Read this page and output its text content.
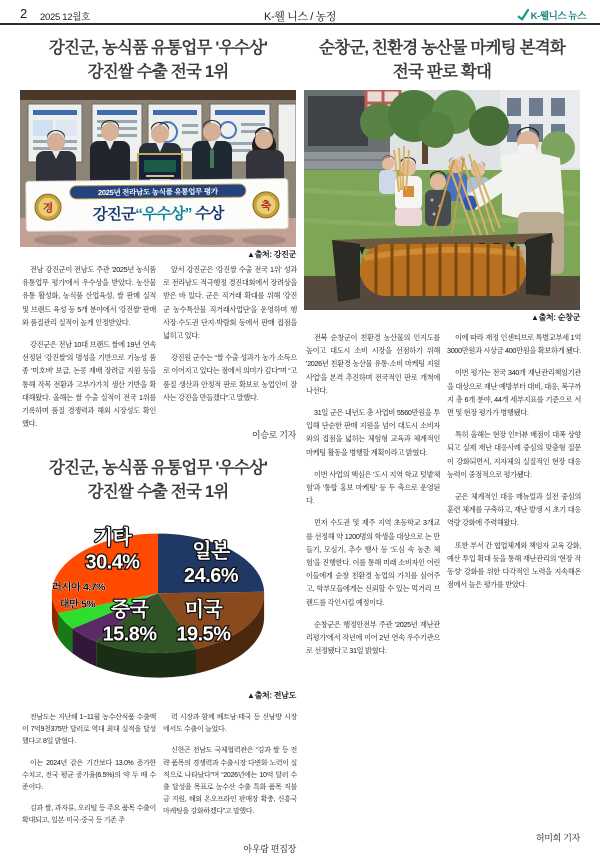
2 2025 12월호	K-웰 니스 / 농정	K-웰니스 뉴스
강진군, 농식품 유통업무 '우수상'
강진쌀 수출 전국 1위
2025년 전라남도 농식품 유통업무 평가
강진군“우수상” 수상
경	축
▲출처: 강진군

전남 강진군이 전남도 주관 '2025년 농식품 유통업무 평가'에서 우수상을 받았다. 농산물 유통 활성화, 농식품 산업육성, 쌀 판매 실적 및 브랜드 육성 등 5개 분야에서 '강진쌀' 판매와 품질관리 실적이 높게 인정받았다.

강진군은 전남 10대 브랜드 쌀에 19년 연속 선정된 '강진쌀'의 명성을 기반으로 기능성 품종 '미호벼' 보급, 논콩 재배 장려금 지원 등을 통해 작목 전환과 고부가가치 생산 기반을 확대해왔다. 올해는 쌀 수출 실적이 전국 1위를 기록하며 품질 경쟁력과 해외 시장성도 확인했다.

앞서 강진군은 '강진쌀 수출 전국 1위' 성과로 전라남도 적극행정 경진대회에서 장려상을 받은 바 있다. 군은 직거래 확대를 위해 '강진군 농수특산물 직거래사업단'을 운영하며 행사장·수도권 단지·박람회 등에서 판매 접점을 넓히고 있다.

강진원 군수는 “쌀 수출 성과가 농가 소득으로 이어지고 있다는 점에서 의미가 깊다”며 “고품질 생산과 안정적 판로 확보로 농업인이 잘사는 강진을 만들겠다”고 말했다.

이승로 기자
강진군, 농식품 유통업무 '우수상'
강진쌀 수출 전국 1위
일본
24.6%
미국
19.5%
중국
15.8%
대만 5%
러시아 4.7%
기타
30.4%
▲출처: 전남도

전남도는 지난해 1~11월 농수산식품 수출액이 7억9천375만 달러로 역대 최대 실적을 달성했다고 8일 밝혔다.

이는 2024년 같은 기간보다 13.0% 증가한 수치고, 전국 평균 증가율(6.5%)의 약 두 배 수준이다.

김과 쌀, 과자류, 오리털 등 주요 품목 수출이 확대되고, 일본·미국·중국 등 기존 주

력 시장과 함께 베트남·태국 등 신남방 시장에서도 수출이 늘었다.

신현곤 전남도 국제협력관은 “김과 쌀 등 전략 품목의 경쟁력과 수출시장 다변화 노력이 실적으로 나타났다”며 “2026년에는 10억 달러 수출 달성을 목표로 농수산 수출 특화 품목 직불금 지원, 해외 온오프라인 판매장 확충, 신흥국 마케팅을 강화하겠다”고 말했다.

아우람 편집장
순창군, 친환경 농산물 마케팅 본격화
전국 판로 확대
▲출처: 순창군

전북 순창군이 친환경 농산물의 인지도를 높이고 대도시 소비 시장을 선점하기 위해 '2026년 친환경 농산물 유통·소비 마케팅 지원사업'을 본격 추진하며 전국적인 판로 개척에 나선다.

31일 군은 내년도 총 사업비 5560만원을 투입해 단순한 판매 지원을 넘어 대도시 소비자와의 접점을 넓히는 체험형 교육과 체계적인 마케팅 활동을 병행할 계획이라고 밝혔다.

이번 사업의 핵심은 '도시 지역 학교 텃밭체험'과 '통합 홍보 마케팅' 등 두 축으로 운영된다.

먼저 수도권 및 제주 지역 초등학교 3개교를 선정해 약 1200명의 학생을 대상으로 논 만들기, 모심기, 추수 행사 등 '도심 속 농촌 체험'을 진행한다. 이를 통해 미래 소비자인 어린이들에게 순창 친환경 농업의 가치를 심어주고, 학부모들에게는 신뢰할 수 있는 먹거리 브랜드를 각인시킬 예정이다.

순창군은 행정안전부 주관 '2025년 재난관리평가'에서 작년에 이어 2년 연속 우수기관으로 선정됐다고 31일 밝혔다.

이에 따라 재정 인센티브로 특별교부세 1억3000만원과 시상금 400만원을 확보하게 됐다.

이번 평가는 전국 340개 재난관리책임기관을 대상으로 재난 예방부터 대비, 대응, 복구까지 총 6개 분야, 44개 세부지표를 기준으로 서면 및 현장 평가가 병행됐다.

특히 올해는 현장 인터뷰 배점이 대폭 상향되고 실제 재난 대응사례 중심의 맞춤형 질문이 강화되면서, 지자체의 실질적인 현장 대응 능력이 중점적으로 평가됐다.

군은 체계적인 대응 매뉴얼과 실전 중심의 훈련 체계를 구축하고, 재난 발생 시 초기 대응 역량 강화에 주력해왔다.

또한 부서 간 협업체계와 책임자 교육 강화, 예산 투입 확대 등을 통해 재난관리의 '현장 작동성' 강화를 위한 다각적인 노력을 지속해온 점에서 높은 평가를 받았다.

허미희 기자
